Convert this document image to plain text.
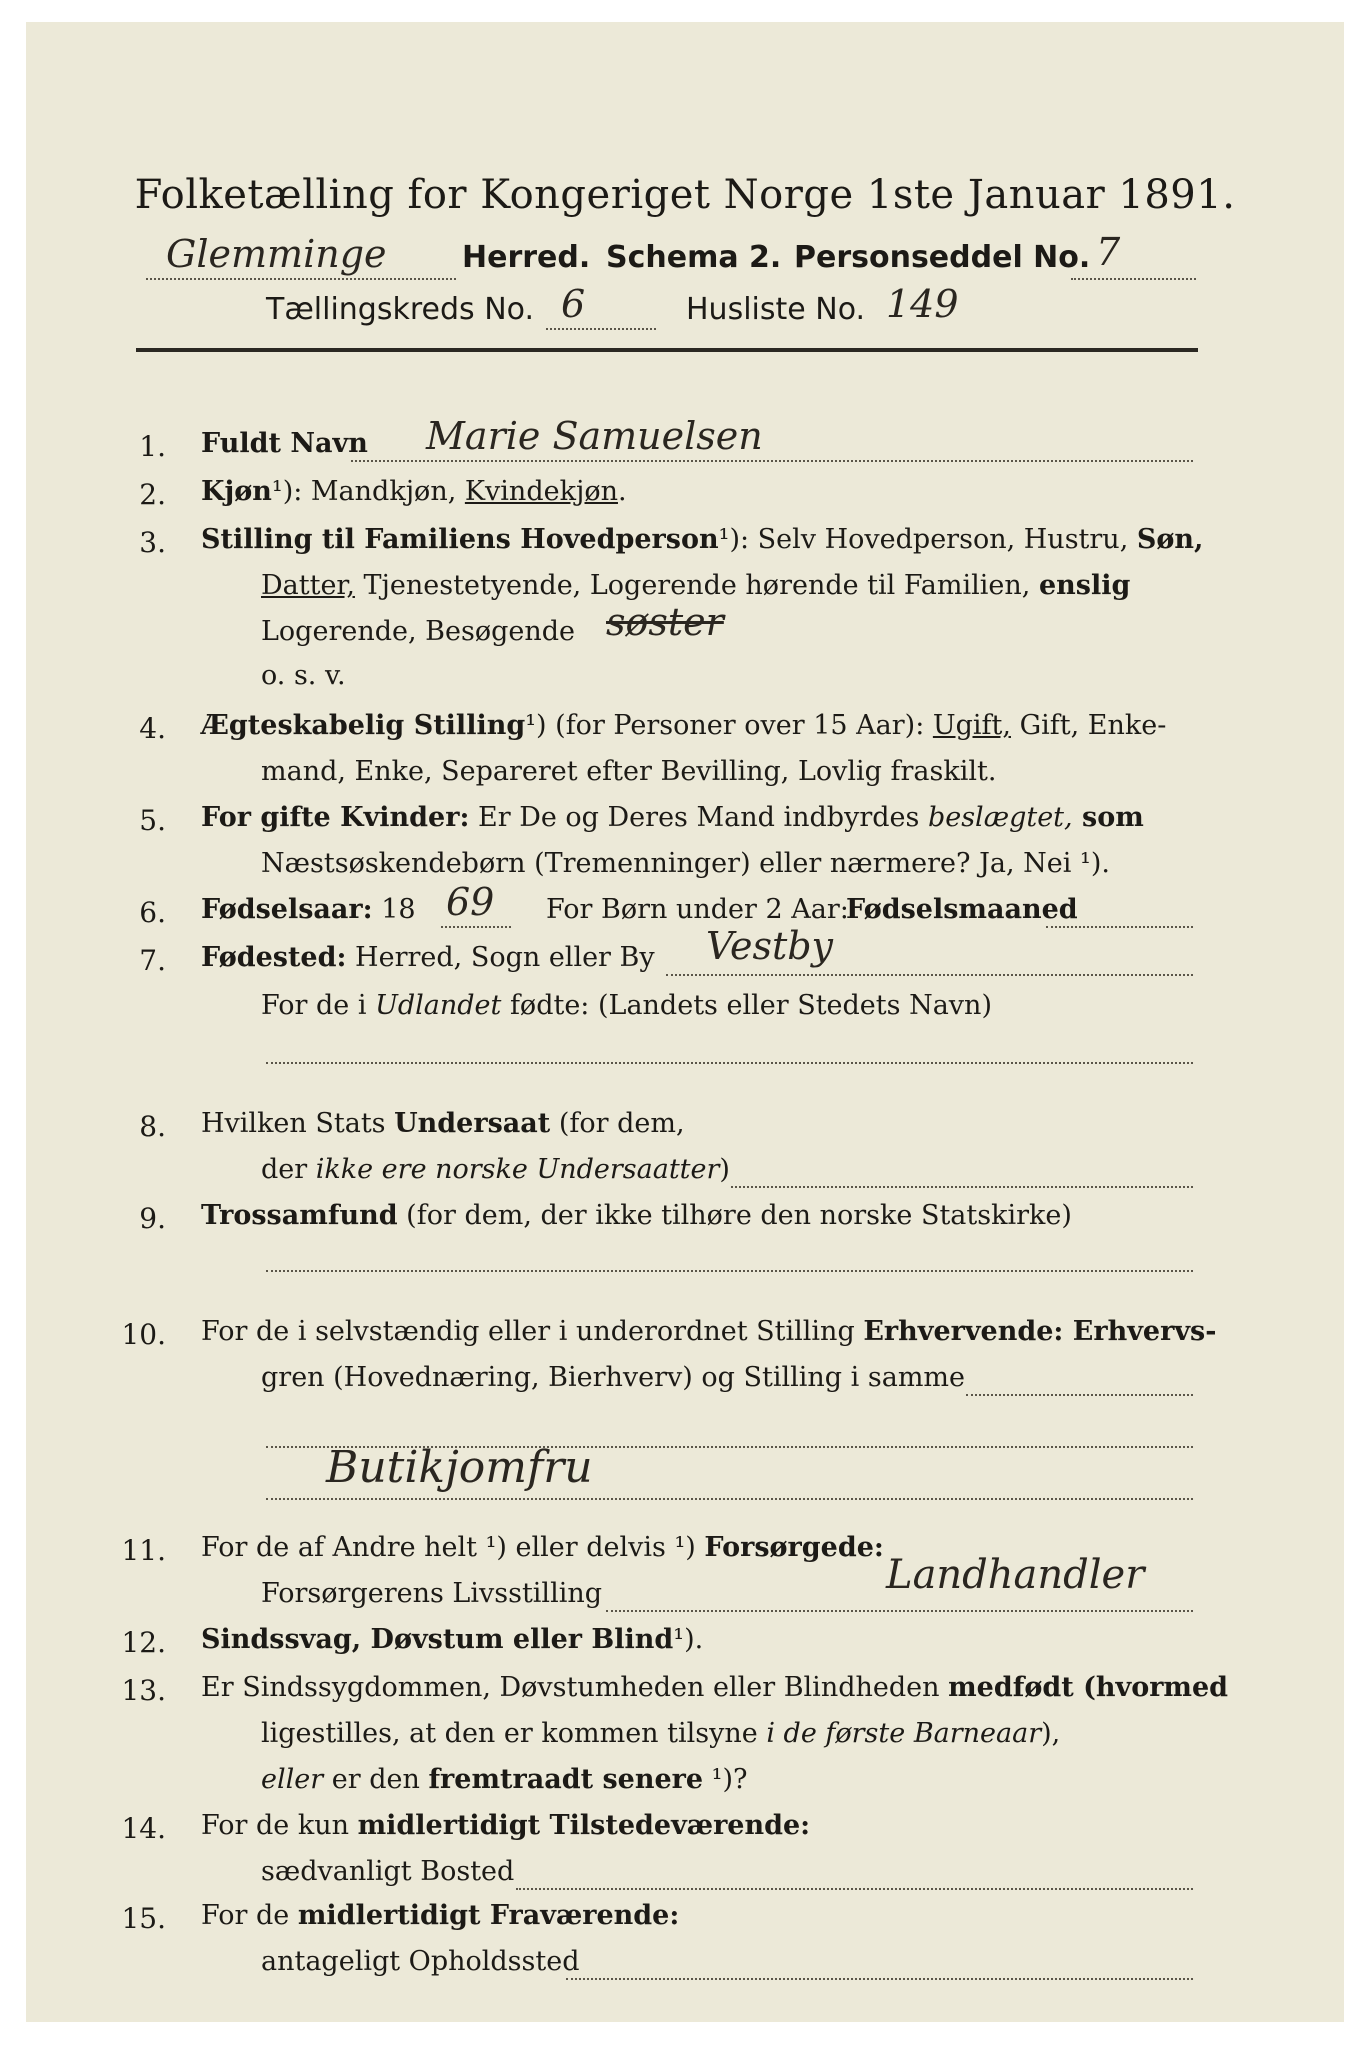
Folketælling for Kongeriget Norge 1ste Januar 1891.
Glemminge	Herred. Schema 2. Personseddel No. 7
Tællingskreds No. 6	Husliste No. 149
1. Fuldt Navn Marie Samuelsen
2. Kjøn¹): Mandkjøn, Kvindekjøn.
3. Stilling til Familiens Hovedperson¹): Selv Hovedperson, Hustru, Søn,
Datter, Tjenestetyende, Logerende hørende til Familien, enslig
Logerende, Besøgende søster
o. s. v.
4. Ægteskabelig Stilling¹) (for Personer over 15 Aar): Ugift, Gift, Enke-
mand, Enke, Separeret efter Bevilling, Lovlig fraskilt.
5. For gifte Kvinder: Er De og Deres Mand indbyrdes beslægtet, som
Næstsøskendebørn (Tremenninger) eller nærmere? Ja, Nei ¹).
6. Fødselsaar: 18 69 For Børn under 2 Aar:
Fødselsmaaned
7. Fødested: Herred, Sogn eller By Vestby
For de i Udlandet fødte: (Landets eller Stedets Navn)
8. Hvilken Stats Undersaat (for dem,
der ikke ere norske Undersaatter)
9. Trossamfund (for dem, der ikke tilhøre den norske Statskirke)
10. For de i selvstændig eller i underordnet Stilling Erhvervende: Erhvervs-
gren (Hovednæring, Bierhverv) og Stilling i samme
Butikjomfru
11. For de af Andre helt ¹) eller delvis ¹) Forsørgede:
Forsørgerens Livsstilling	Landhandler
12. Sindssvag, Døvstum eller Blind¹).
13. Er Sindssygdommen, Døvstumheden eller Blindheden medfødt (hvormed
ligestilles, at den er kommen tilsyne i de første Barneaar),
eller er den fremtraadt senere ¹)?
14. For de kun midlertidigt Tilstedeværende:
sædvanligt Bosted
15. For de midlertidigt Fraværende:
antageligt Opholdssted
